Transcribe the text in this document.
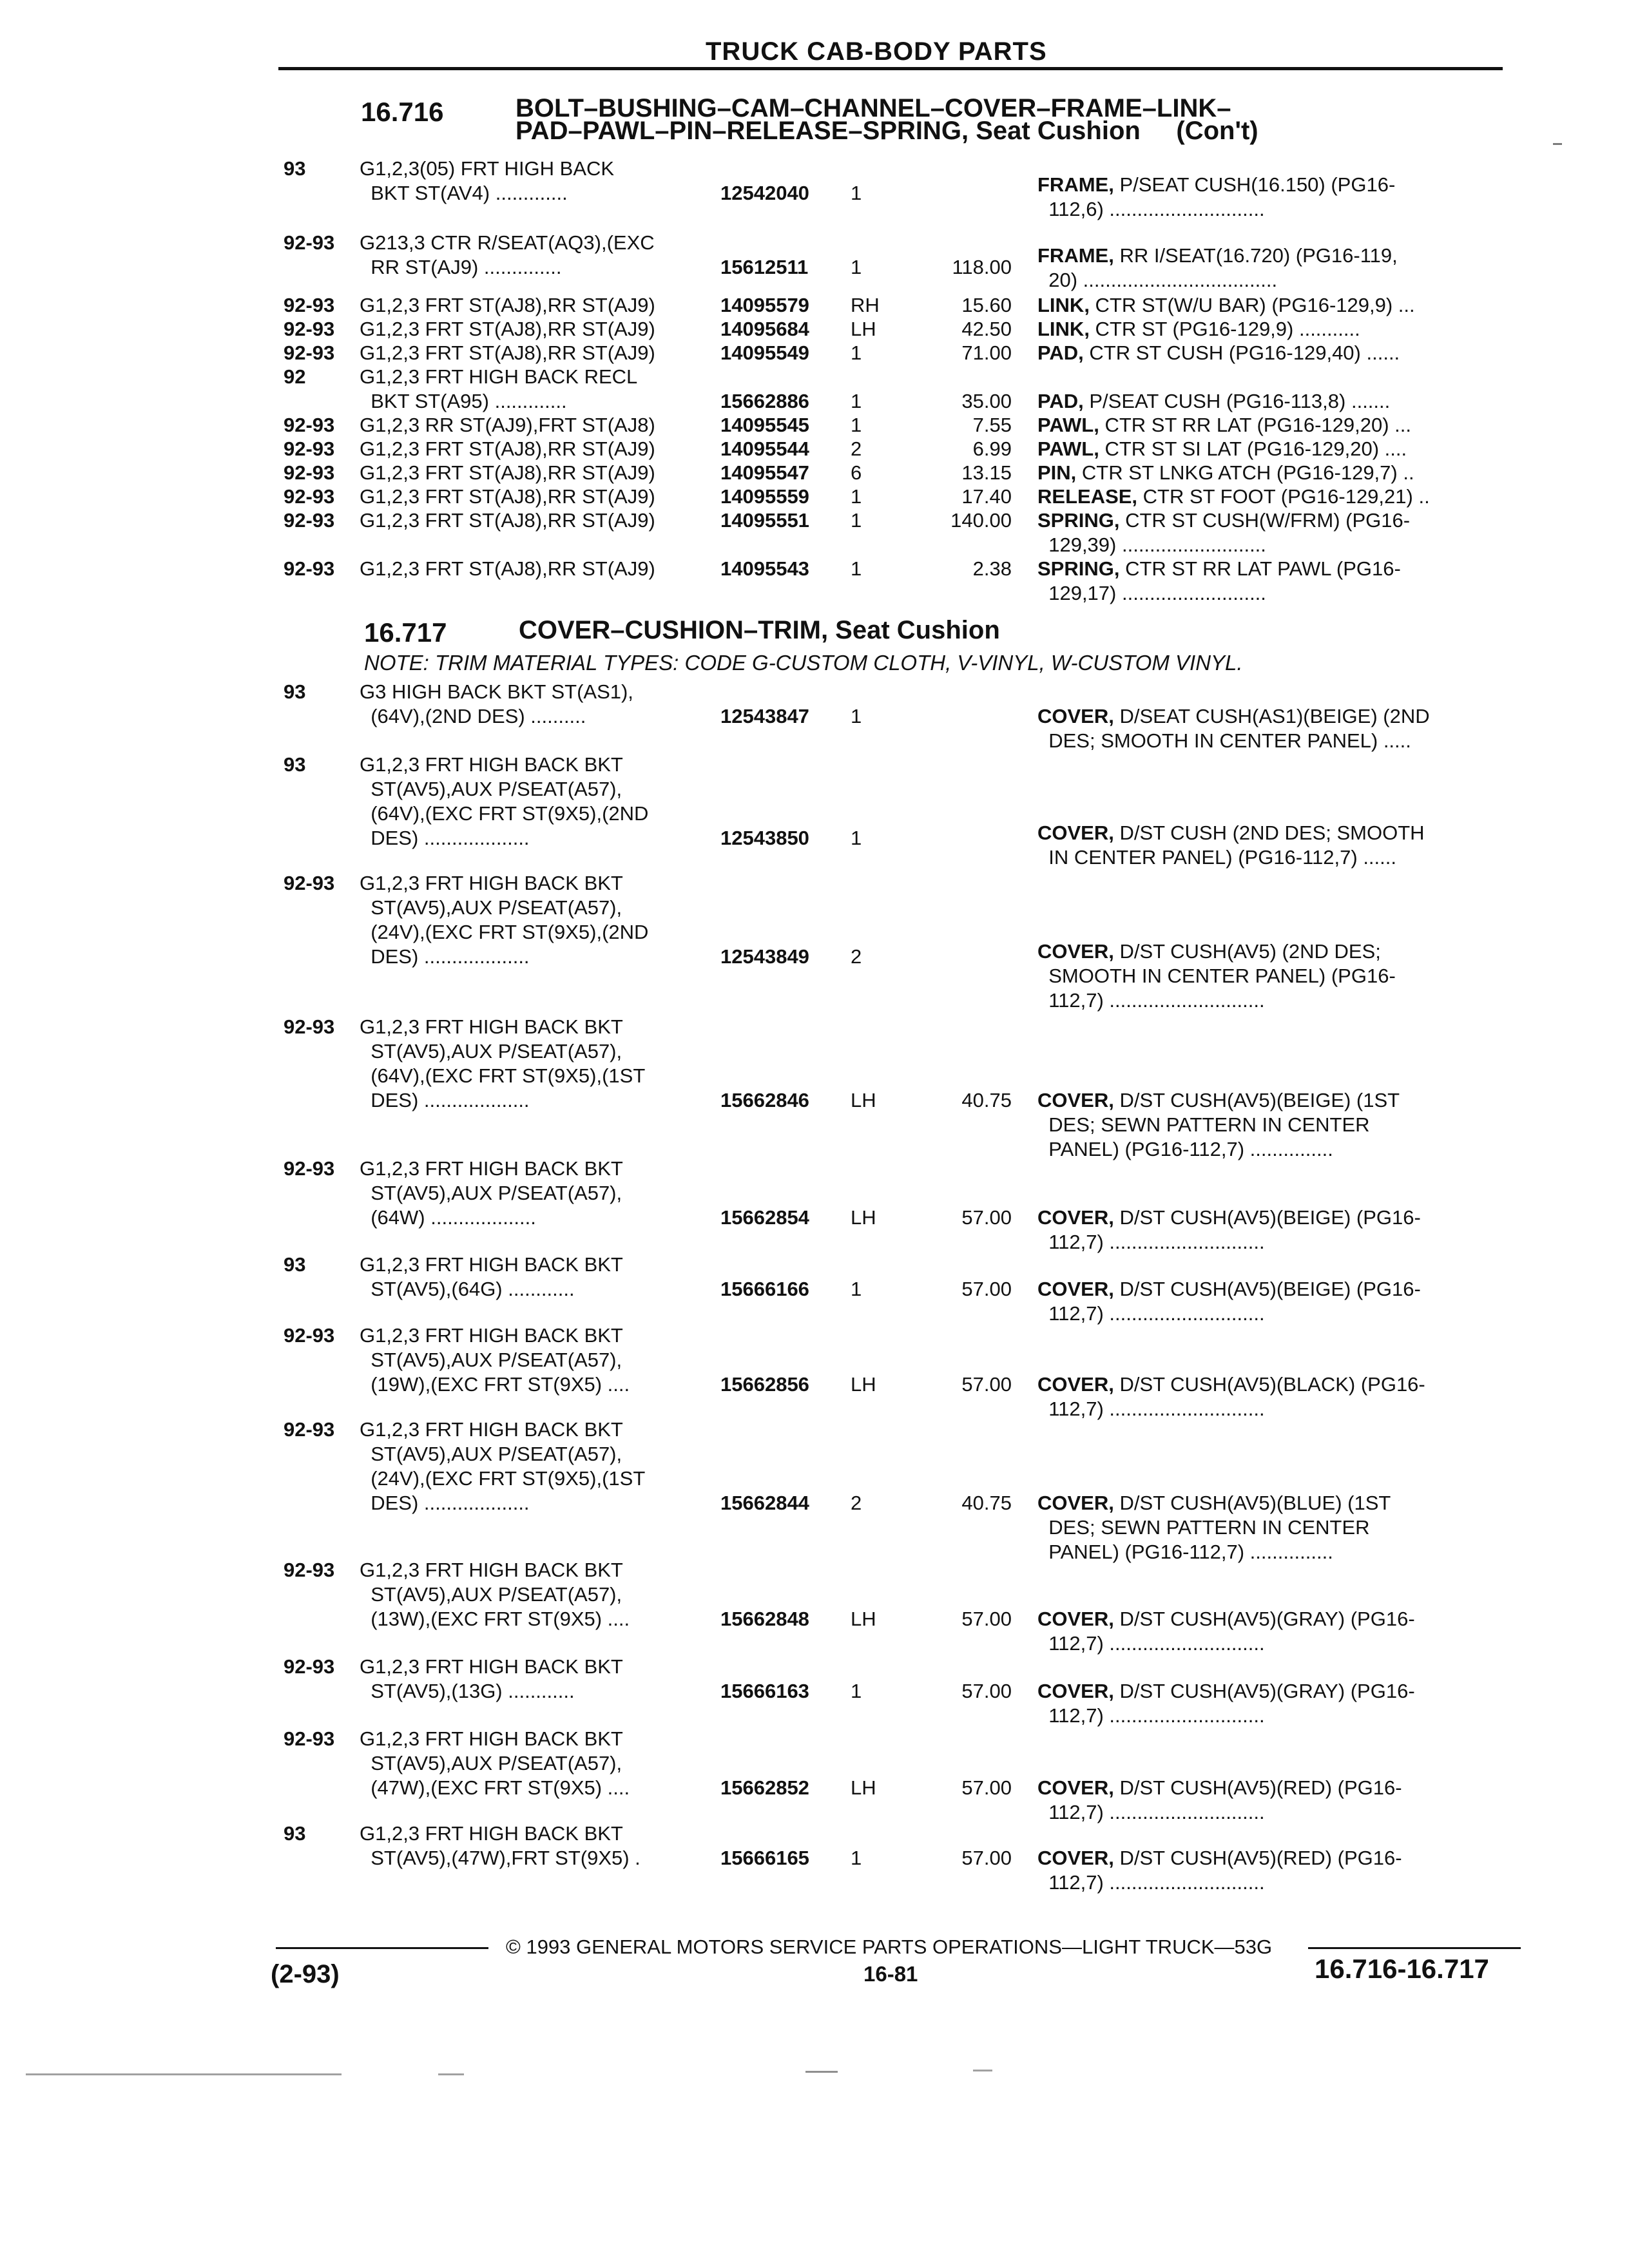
TRUCK CAB-BODY PARTS
16.716	BOLT–BUSHING–CAM–CHANNEL–COVER–FRAME–LINK–
PAD–PAWL–PIN–RELEASE–SPRING, Seat Cushion     (Con't)
16.717	COVER–CUSHION–TRIM, Seat Cushion
NOTE: TRIM MATERIAL TYPES: CODE G-CUSTOM CLOTH, V-VINYL, W-CUSTOM VINYL.
93	G1,2,3(05) FRT HIGH BACK
BKT ST(AV4) .............	12542040 1	FRAME, P/SEAT CUSH(16.150) (PG16-
112,6) ............................
92-93 G213,3 CTR R/SEAT(AQ3),(EXC
RR ST(AJ9) ..............	15612511 1	118.00
FRAME, RR I/SEAT(16.720) (PG16-119,
20) ...................................
92-93 G1,2,3 FRT ST(AJ8),RR ST(AJ9)	14095579 RH	15.60 LINK, CTR ST(W/U BAR) (PG16-129,9) ...
92-93 G1,2,3 FRT ST(AJ8),RR ST(AJ9)	14095684 LH	42.50 LINK, CTR ST (PG16-129,9) ...........
92-93 G1,2,3 FRT ST(AJ8),RR ST(AJ9)	14095549 1	71.00 PAD, CTR ST CUSH (PG16-129,40) ......
92	G1,2,3 FRT HIGH BACK RECL
BKT ST(A95) .............	15662886 1	35.00 PAD, P/SEAT CUSH (PG16-113,8) .......
92-93 G1,2,3 RR ST(AJ9),FRT ST(AJ8)	14095545 1	7.55 PAWL, CTR ST RR LAT (PG16-129,20) ...
92-93 G1,2,3 FRT ST(AJ8),RR ST(AJ9)	14095544 2	6.99 PAWL, CTR ST SI LAT (PG16-129,20) ....
92-93 G1,2,3 FRT ST(AJ8),RR ST(AJ9)	14095547 6	13.15 PIN, CTR ST LNKG ATCH (PG16-129,7) ..
92-93 G1,2,3 FRT ST(AJ8),RR ST(AJ9)	14095559 1	17.40 RELEASE, CTR ST FOOT (PG16-129,21) ..
92-93 G1,2,3 FRT ST(AJ8),RR ST(AJ9)	14095551 1	140.00 SPRING, CTR ST CUSH(W/FRM) (PG16-
129,39) ..........................
92-93 G1,2,3 FRT ST(AJ8),RR ST(AJ9)	14095543 1	2.38 SPRING, CTR ST RR LAT PAWL (PG16-
129,17) ..........................
93	G3 HIGH BACK BKT ST(AS1),
(64V),(2ND DES) ..........	12543847 1	COVER, D/SEAT CUSH(AS1)(BEIGE) (2ND
DES; SMOOTH IN CENTER PANEL) .....
93	G1,2,3 FRT HIGH BACK BKT
ST(AV5),AUX P/SEAT(A57),
(64V),(EXC FRT ST(9X5),(2ND
DES) ...................	12543850 1	COVER, D/ST CUSH (2ND DES; SMOOTH
IN CENTER PANEL) (PG16-112,7) ......
92-93 G1,2,3 FRT HIGH BACK BKT
ST(AV5),AUX P/SEAT(A57),
(24V),(EXC FRT ST(9X5),(2ND
DES) ...................	12543849 2	COVER, D/ST CUSH(AV5) (2ND DES;
SMOOTH IN CENTER PANEL) (PG16-
112,7) ............................
92-93 G1,2,3 FRT HIGH BACK BKT
ST(AV5),AUX P/SEAT(A57),
(64V),(EXC FRT ST(9X5),(1ST
DES) ...................	15662846 LH	40.75 COVER, D/ST CUSH(AV5)(BEIGE) (1ST
DES; SEWN PATTERN IN CENTER
PANEL) (PG16-112,7) ...............
92-93 G1,2,3 FRT HIGH BACK BKT
ST(AV5),AUX P/SEAT(A57),
(64W) ...................	15662854 LH	57.00 COVER, D/ST CUSH(AV5)(BEIGE) (PG16-
112,7) ............................
93	G1,2,3 FRT HIGH BACK BKT
ST(AV5),(64G) ............	15666166 1	57.00 COVER, D/ST CUSH(AV5)(BEIGE) (PG16-
112,7) ............................
92-93 G1,2,3 FRT HIGH BACK BKT
ST(AV5),AUX P/SEAT(A57),
(19W),(EXC FRT ST(9X5) ....	15662856 LH	57.00 COVER, D/ST CUSH(AV5)(BLACK) (PG16-
112,7) ............................
92-93 G1,2,3 FRT HIGH BACK BKT
ST(AV5),AUX P/SEAT(A57),
(24V),(EXC FRT ST(9X5),(1ST
DES) ...................	15662844 2	40.75 COVER, D/ST CUSH(AV5)(BLUE) (1ST
DES; SEWN PATTERN IN CENTER
PANEL) (PG16-112,7) ...............
92-93 G1,2,3 FRT HIGH BACK BKT
ST(AV5),AUX P/SEAT(A57),
(13W),(EXC FRT ST(9X5) ....	15662848 LH	57.00 COVER, D/ST CUSH(AV5)(GRAY) (PG16-
112,7) ............................
92-93 G1,2,3 FRT HIGH BACK BKT
ST(AV5),(13G) ............	15666163 1	57.00 COVER, D/ST CUSH(AV5)(GRAY) (PG16-
112,7) ............................
92-93 G1,2,3 FRT HIGH BACK BKT
ST(AV5),AUX P/SEAT(A57),
(47W),(EXC FRT ST(9X5) ....	15662852 LH	57.00 COVER, D/ST CUSH(AV5)(RED) (PG16-
112,7) ............................
93	G1,2,3 FRT HIGH BACK BKT
ST(AV5),(47W),FRT ST(9X5) .	15666165 1	57.00 COVER, D/ST CUSH(AV5)(RED) (PG16-
112,7) ............................
© 1993 GENERAL MOTORS SERVICE PARTS OPERATIONS—LIGHT TRUCK—53G
(2-93)	16-81	16.716-16.717
